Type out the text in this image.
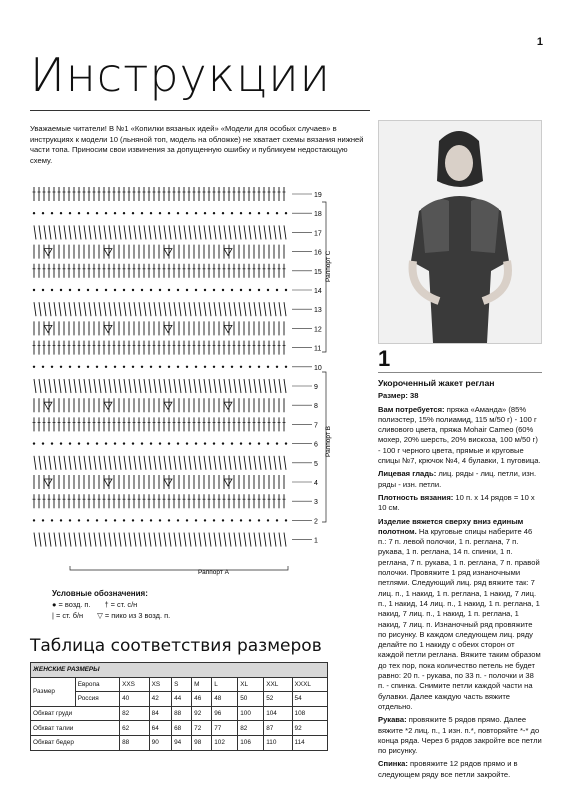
1
Инструкции
Уважаемые читатели! В №1 «Копилки вязаных идей» «Модели для особых случаев» в инструкциях к модели 10 (льняной топ, модель на обложке) не хватает схемы вязания нижней части топа. Приносим свои извинения за допущенную ошибку и публикуем недостающую схему.
19
18
17
16
15
14
13
12
11
10
9
8
7
6
5
4
3
2
1
Раппорт С
Раппорт В
Раппорт А
Условные обозначения:
● = возд. п. † = ст. с/н
| = ст. б/н ▽ = пико из 3 возд. п.
Таблица соответствия размеров
ЖЕНСКИЕ РАЗМЕРЫ									
Размер	Европа	XXS	XS	S	M	L	XL	XXL	XXXL
	Россия	40	42	44	46	48	50	52	54
Обхват груди		82	84	88	92	96	100	104	108
Обхват талии		62	64	68	72	77	82	87	92
Обхват бедер		88	90	94	98	102	106	110	114
1

Укороченный жакет реглан

Размер: 38

Вам потребуется: пряжа «Аманда» (85% полиэстер, 15% полиамид, 115 м/50 г) - 100 г сливового цвета, пряжа Mohair Cameo (60% мохер, 20% шерсть, 20% вискоза, 100 м/50 г) - 100 г черного цвета, прямые и круговые спицы №7, крючок №4, 4 булавки, 1 пуговица.

Лицевая гладь: лиц. ряды - лиц. петли, изн. ряды - изн. петли.

Плотность вязания: 10 п. х 14 рядов = 10 х 10 см.

Изделие вяжется сверху вниз единым полотном. На круговые спицы наберите 46 п.: 7 п. левой полочки, 1 п. реглана, 7 п. рукава, 1 п. реглана, 14 п. спинки, 1 п. реглана, 7 п. рукава, 1 п. реглана, 7 п. правой полочки. Провяжите 1 ряд изнаночными петлями. Следующий лиц. ряд вяжите так: 7 лиц. п., 1 накид, 1 п. реглана, 1 накид, 7 лиц. п., 1 накид, 14 лиц. п., 1 накид, 1 п. реглана, 1 накид, 7 лиц. п., 1 накид, 1 п. реглана, 1 накид, 7 лиц. п. Изнаночный ряд провяжите по рисунку. В каждом следующем лиц. ряду делайте по 1 накиду с обеих сторон от каждой петли реглана. Вяжите таким образом до тех пор, пока количество петель не будет равно: 20 п. - рукава, по 33 п. - полочки и 38 п. - спинка. Снимите петли каждой части на булавки. Далее каждую часть вяжите отдельно.

Рукава: провяжите 5 рядов прямо. Далее вяжите *2 лиц. п., 1 изн. п.*, повторяйте *-* до конца ряда. Через 6 рядов закройте все петли по рисунку.

Спинка: провяжите 12 рядов прямо и в следующем ряду все петли закройте.
